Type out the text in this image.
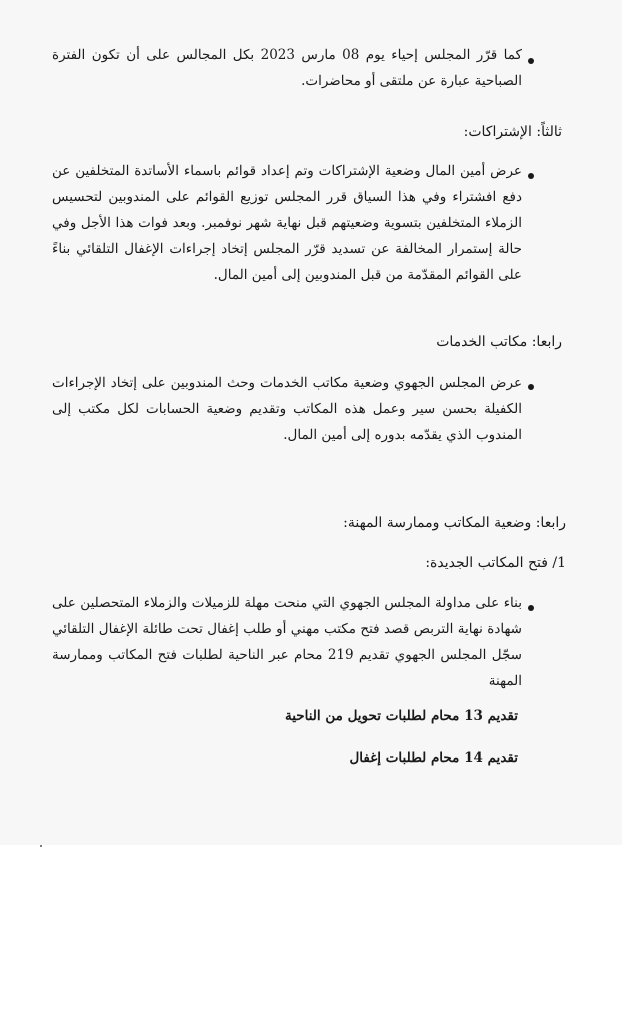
كما قرّر المجلس إحياء يوم 08 مارس 2023 بكل المجالس على أن تكون الفترة الصباحية عبارة عن ملتقى أو محاضرات.
ثالثاً: الإشتراكات:
عرض أمين المال وضعية الإشتراكات وتم إعداد قوائم باسماء الأساتدة المتخلفين عن دفع افشتراء وفي هذا السياق قرر المجلس توزيع القوائم على المندوبين لتحسيس الزملاء المتخلفين بتسوية وضعيتهم قبل نهاية شهر نوفمبر. وبعد فوات هذا الأجل وفي حالة إستمرار المخالفة عن تسديد قرّر المجلس إتخاد إجراءات الإغفال التلقائي بناءً على القوائم المقدّمة من قبل المندوبين إلى أمين المال.
رابعا: مكاتب الخدمات
عرض المجلس الجهوي وضعية مكاتب الخدمات وحث المندوبين على إتخاد الإجراءات الكفيلة بحسن سير وعمل هذه المكاتب وتقديم وضعية الحسابات لكل مكتب إلى المندوب الذي يقدّمه بدوره إلى أمين المال.
رابعا: وضعية المكاتب وممارسة المهنة:
1/ فتح المكاتب الجديدة:
بناء على مداولة المجلس الجهوي التي منحت مهلة للزميلات والزملاء المتحصلين على شهادة نهاية التربص قصد فتح مكتب مهني أو طلب إغفال تحت طائلة الإغفال التلقائي سجّل المجلس الجهوي تقديم 219 محام عبر الناحية لطلبات فتح المكاتب وممارسة المهنة
تقديم 13 محام لطلبات تحويل من الناحية
تقديم 14 محام لطلبات إغفال
